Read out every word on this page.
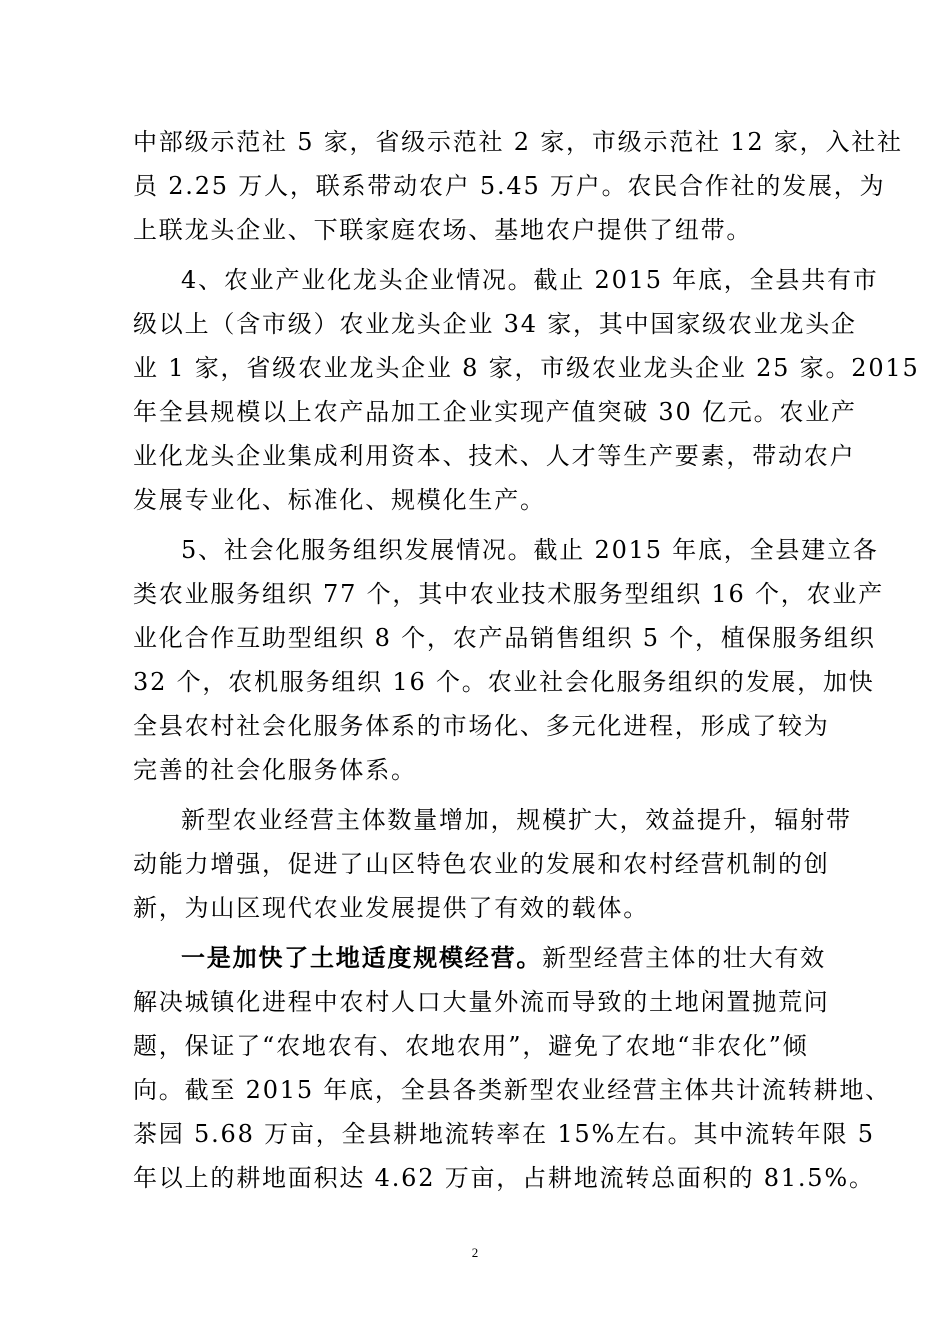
中部级示范社 5 家，省级示范社 2 家，市级示范社 12 家，入社社
员 2.25 万人，联系带动农户 5.45 万户。农民合作社的发展，为
上联龙头企业、下联家庭农场、基地农户提供了纽带。
4、农业产业化龙头企业情况。截止 2015 年底，全县共有市
级以上（含市级）农业龙头企业 34 家，其中国家级农业龙头企
业 1 家，省级农业龙头企业 8 家，市级农业龙头企业 25 家。2015
年全县规模以上农产品加工企业实现产值突破 30 亿元。农业产
业化龙头企业集成利用资本、技术、人才等生产要素，带动农户
发展专业化、标准化、规模化生产。
5、社会化服务组织发展情况。截止 2015 年底，全县建立各
类农业服务组织 77 个，其中农业技术服务型组织 16 个，农业产
业化合作互助型组织 8 个，农产品销售组织 5 个，植保服务组织
32 个，农机服务组织 16 个。农业社会化服务组织的发展，加快
全县农村社会化服务体系的市场化、多元化进程，形成了较为
完善的社会化服务体系。
新型农业经营主体数量增加，规模扩大，效益提升，辐射带
动能力增强，促进了山区特色农业的发展和农村经营机制的创
新，为山区现代农业发展提供了有效的载体。
一是加快了土地适度规模经营。新型经营主体的壮大有效
解决城镇化进程中农村人口大量外流而导致的土地闲置抛荒问
题，保证了“农地农有、农地农用”，避免了农地“非农化”倾
向。截至 2015 年底，全县各类新型农业经营主体共计流转耕地、
茶园 5.68 万亩，全县耕地流转率在 15%左右。其中流转年限 5
年以上的耕地面积达 4.62 万亩，占耕地流转总面积的 81.5%。
2
